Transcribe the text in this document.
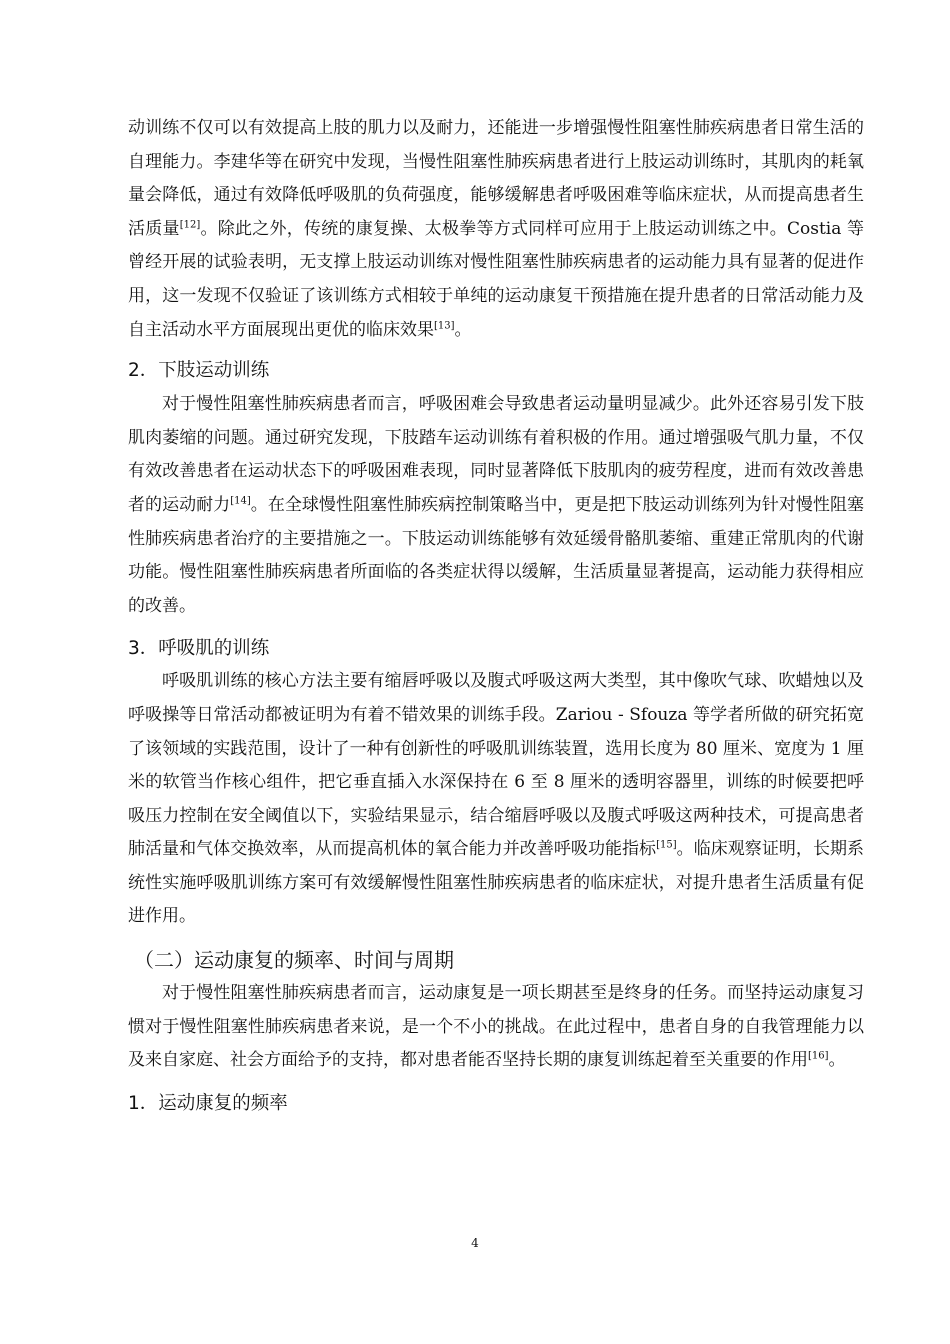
动训练不仅可以有效提高上肢的肌力以及耐力，还能进一步增强慢性阻塞性肺疾病患者日常生活的自理能力。李建华等在研究中发现，当慢性阻塞性肺疾病患者进行上肢运动训练时，其肌肉的耗氧量会降低，通过有效降低呼吸肌的负荷强度，能够缓解患者呼吸困难等临床症状，从而提高患者生活质量[12]。除此之外，传统的康复操、太极拳等方式同样可应用于上肢运动训练之中。Costia 等曾经开展的试验表明，无支撑上肢运动训练对慢性阻塞性肺疾病患者的运动能力具有显著的促进作用，这一发现不仅验证了该训练方式相较于单纯的运动康复干预措施在提升患者的日常活动能力及自主活动水平方面展现出更优的临床效果[13]。

2．下肢运动训练

对于慢性阻塞性肺疾病患者而言，呼吸困难会导致患者运动量明显减少。此外还容易引发下肢肌肉萎缩的问题。通过研究发现，下肢踏车运动训练有着积极的作用。通过增强吸气肌力量，不仅有效改善患者在运动状态下的呼吸困难表现，同时显著降低下肢肌肉的疲劳程度，进而有效改善患者的运动耐力[14]。在全球慢性阻塞性肺疾病控制策略当中，更是把下肢运动训练列为针对慢性阻塞性肺疾病患者治疗的主要措施之一。下肢运动训练能够有效延缓骨骼肌萎缩、重建正常肌肉的代谢功能。慢性阻塞性肺疾病患者所面临的各类症状得以缓解，生活质量显著提高，运动能力获得相应的改善。

3．呼吸肌的训练

呼吸肌训练的核心方法主要有缩唇呼吸以及腹式呼吸这两大类型，其中像吹气球、吹蜡烛以及呼吸操等日常活动都被证明为有着不错效果的训练手段。Zariou - Sfouza 等学者所做的研究拓宽了该领域的实践范围，设计了一种有创新性的呼吸肌训练装置，选用长度为 80 厘米、宽度为 1 厘米的软管当作核心组件，把它垂直插入水深保持在 6 至 8 厘米的透明容器里，训练的时候要把呼吸压力控制在安全阈值以下，实验结果显示，结合缩唇呼吸以及腹式呼吸这两种技术，可提高患者肺活量和气体交换效率，从而提高机体的氧合能力并改善呼吸功能指标[15]。临床观察证明，长期系统性实施呼吸肌训练方案可有效缓解慢性阻塞性肺疾病患者的临床症状，对提升患者生活质量有促进作用。

（二）运动康复的频率、时间与周期

对于慢性阻塞性肺疾病患者而言，运动康复是一项长期甚至是终身的任务。而坚持运动康复习惯对于慢性阻塞性肺疾病患者来说，是一个不小的挑战。在此过程中，患者自身的自我管理能力以及来自家庭、社会方面给予的支持，都对患者能否坚持长期的康复训练起着至关重要的作用[16]。

1．运动康复的频率
4
